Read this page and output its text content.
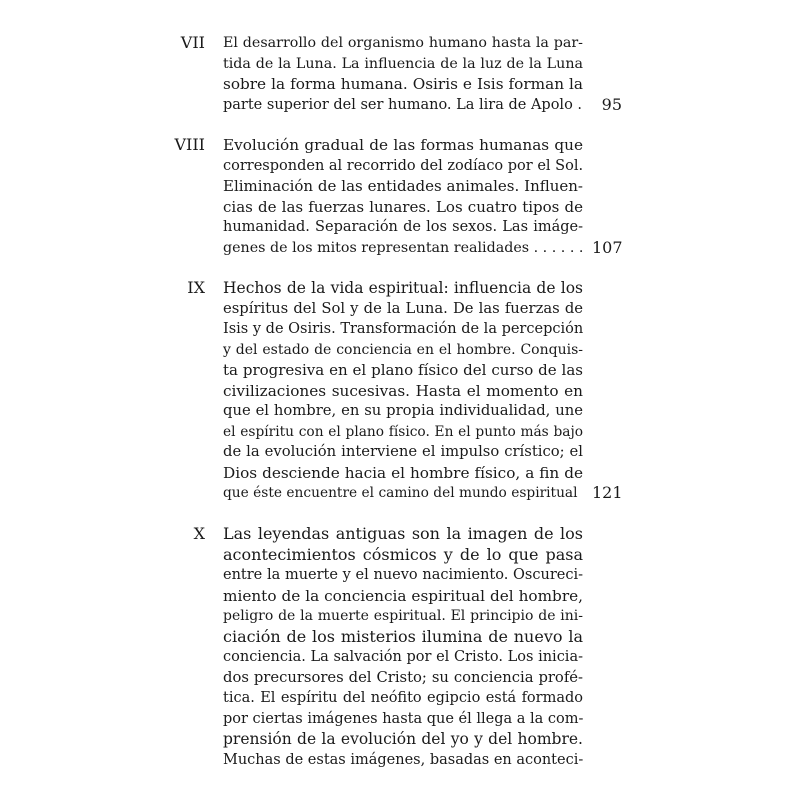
VII El desarrollo del organismo humano hasta la par-
tida de la Luna. La influencia de la luz de la Luna
sobre la forma humana. Osiris e Isis forman la
parte superior del ser humano. La lira de Apolo .	95
VIII Evolución gradual de las formas humanas que
corresponden al recorrido del zodíaco por el Sol.
Eliminación de las entidades animales. Influen-
cias de las fuerzas lunares. Los cuatro tipos de
humanidad. Separación de los sexos. Las imáge-
genes de los mitos representan realidades . . . . . . 107
IX Hechos de la vida espiritual: influencia de los
espíritus del Sol y de la Luna. De las fuerzas de
Isis y de Osiris. Transformación de la percepción
y del estado de conciencia en el hombre. Conquis-
ta progresiva en el plano físico del curso de las
civilizaciones sucesivas. Hasta el momento en
que el hombre, en su propia individualidad, une
el espíritu con el plano físico. En el punto más bajo
de la evolución interviene el impulso crístico; el
Dios desciende hacia el hombre físico, a fin de
que éste encuentre el camino del mundo espiritual 121
X Las leyendas antiguas son la imagen de los
acontecimientos cósmicos y de lo que pasa
entre la muerte y el nuevo nacimiento. Oscureci-
miento de la conciencia espiritual del hombre,
peligro de la muerte espiritual. El principio de ini-
ciación de los misterios ilumina de nuevo la
conciencia. La salvación por el Cristo. Los inicia-
dos precursores del Cristo; su conciencia profé-
tica. El espíritu del neófito egipcio está formado
por ciertas imágenes hasta que él llega a la com-
prensión de la evolución del yo y del hombre.
Muchas de estas imágenes, basadas en aconteci-
